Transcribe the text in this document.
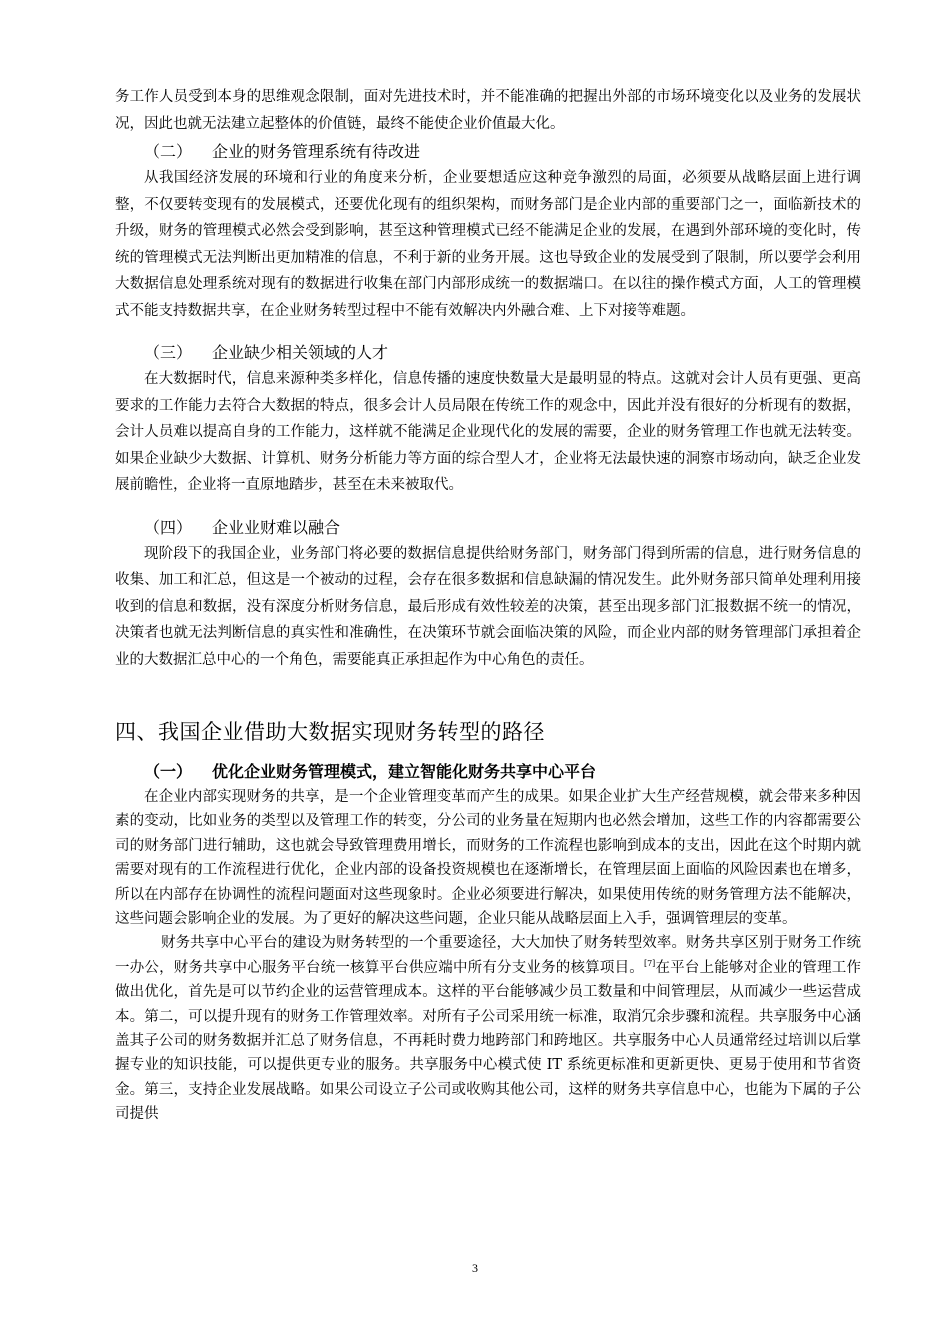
务工作人员受到本身的思维观念限制，面对先进技术时，并不能准确的把握出外部的市场环境变化以及业务的发展状况，因此也就无法建立起整体的价值链，最终不能使企业价值最大化。

（二）	企业的财务管理系统有待改进

从我国经济发展的环境和行业的角度来分析，企业要想适应这种竞争激烈的局面，必须要从战略层面上进行调整，不仅要转变现有的发展模式，还要优化现有的组织架构，而财务部门是企业内部的重要部门之一，面临新技术的升级，财务的管理模式必然会受到影响，甚至这种管理模式已经不能满足企业的发展，在遇到外部环境的变化时，传统的管理模式无法判断出更加精准的信息，不利于新的业务开展。这也导致企业的发展受到了限制，所以要学会利用大数据信息处理系统对现有的数据进行收集在部门内部形成统一的数据端口。在以往的操作模式方面，人工的管理模式不能支持数据共享，在企业财务转型过程中不能有效解决内外融合难、上下对接等难题。

（三）	企业缺少相关领域的人才

在大数据时代，信息来源种类多样化，信息传播的速度快数量大是最明显的特点。这就对会计人员有更强、更高要求的工作能力去符合大数据的特点，很多会计人员局限在传统工作的观念中，因此并没有很好的分析现有的数据，会计人员难以提高自身的工作能力，这样就不能满足企业现代化的发展的需要，企业的财务管理工作也就无法转变。如果企业缺少大数据、计算机、财务分析能力等方面的综合型人才，企业将无法最快速的洞察市场动向，缺乏企业发展前瞻性，企业将一直原地踏步，甚至在未来被取代。

（四）	企业业财难以融合

现阶段下的我国企业，业务部门将必要的数据信息提供给财务部门，财务部门得到所需的信息，进行财务信息的收集、加工和汇总，但这是一个被动的过程，会存在很多数据和信息缺漏的情况发生。此外财务部只简单处理利用接收到的信息和数据，没有深度分析财务信息，最后形成有效性较差的决策，甚至出现多部门汇报数据不统一的情况，决策者也就无法判断信息的真实性和准确性，在决策环节就会面临决策的风险，而企业内部的财务管理部门承担着企业的大数据汇总中心的一个角色，需要能真正承担起作为中心角色的责任。

四、我国企业借助大数据实现财务转型的路径
（一）	优化企业财务管理模式，建立智能化财务共享中心平台

在企业内部实现财务的共享，是一个企业管理变革而产生的成果。如果企业扩大生产经营规模，就会带来多种因素的变动，比如业务的类型以及管理工作的转变，分公司的业务量在短期内也必然会增加，这些工作的内容都需要公司的财务部门进行辅助，这也就会导致管理费用增长，而财务的工作流程也影响到成本的支出，因此在这个时期内就需要对现有的工作流程进行优化，企业内部的设备投资规模也在逐渐增长，在管理层面上面临的风险因素也在增多，所以在内部存在协调性的流程问题面对这些现象时。企业必须要进行解决，如果使用传统的财务管理方法不能解决，这些问题会影响企业的发展。为了更好的解决这些问题，企业只能从战略层面上入手，强调管理层的变革。

财务共享中心平台的建设为财务转型的一个重要途径，大大加快了财务转型效率。财务共享区别于财务工作统一办公，财务共享中心服务平台统一核算平台供应端中所有分支业务的核算项目。[7]在平台上能够对企业的管理工作做出优化，首先是可以节约企业的运营管理成本。这样的平台能够减少员工数量和中间管理层，从而减少一些运营成本。第二，可以提升现有的财务工作管理效率。对所有子公司采用统一标准，取消冗余步骤和流程。共享服务中心涵盖其子公司的财务数据并汇总了财务信息，不再耗时费力地跨部门和跨地区。共享服务中心人员通常经过培训以后掌握专业的知识技能，可以提供更专业的服务。共享服务中心模式使 IT 系统更标准和更新更快、更易于使用和节省资金。第三，支持企业发展战略。如果公司设立子公司或收购其他公司，这样的财务共享信息中心，也能为下属的子公司提供

3
